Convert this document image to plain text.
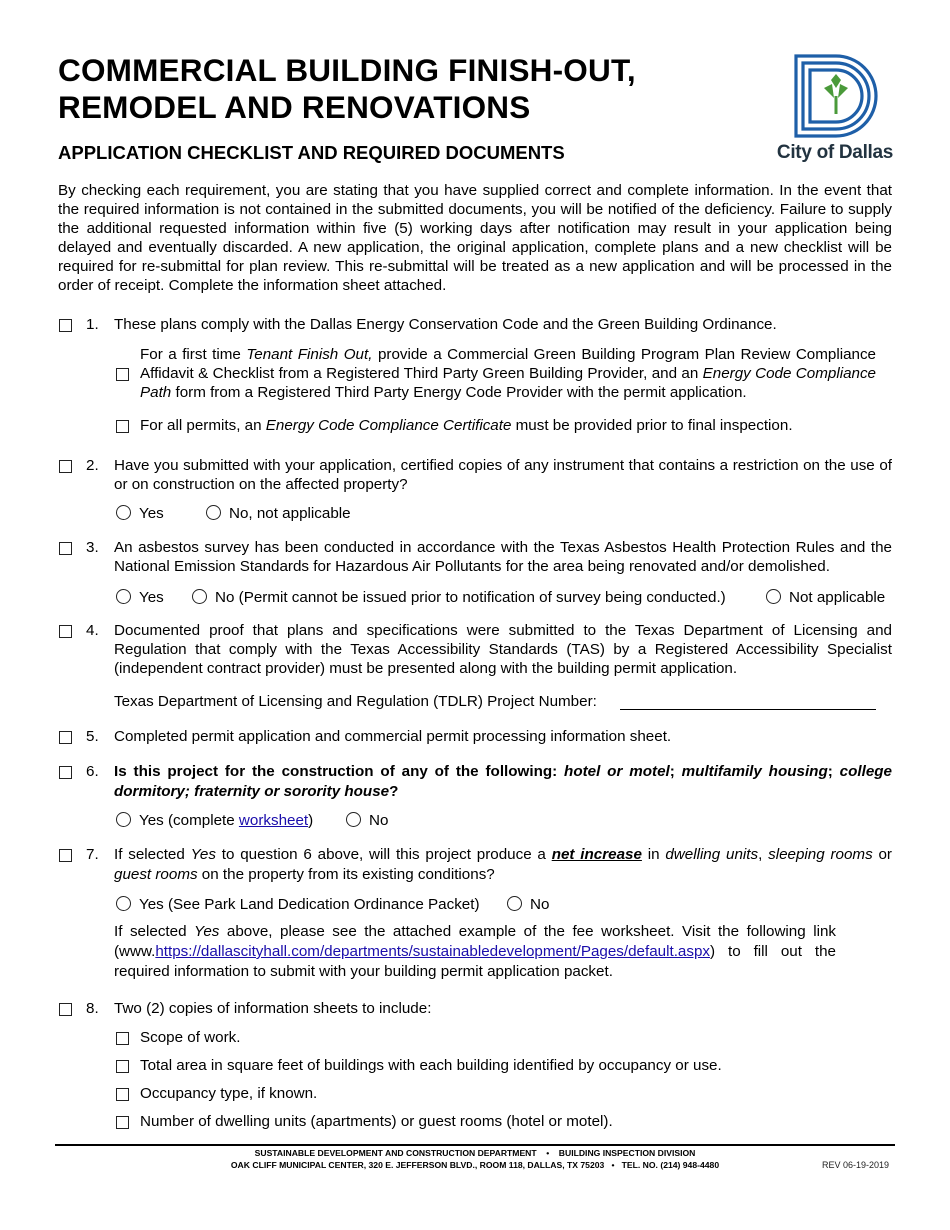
COMMERCIAL BUILDING FINISH-OUT,
REMODEL AND RENOVATIONS
APPLICATION CHECKLIST AND REQUIRED DOCUMENTS	City of Dallas

By checking each requirement, you are stating that you have supplied correct and complete information. In the event that the required information is not contained in the submitted documents, you will be notified of the deficiency. Failure to supply the additional requested information within five (5) working days after notification may result in your application being delayed and eventually discarded. A new application, the original application, complete plans and a new checklist will be required for re-submittal for plan review. This re-submittal will be treated as a new application and will be processed in the order of receipt. Complete the information sheet attached.

1. These plans comply with the Dallas Energy Conservation Code and the Green Building Ordinance.
For a first time Tenant Finish Out, provide a Commercial Green Building Program Plan Review Compliance Affidavit & Checklist from a Registered Third Party Green Building Provider, and an Energy Code Compliance Path form from a Registered Third Party Energy Code Provider with the permit application.
For all permits, an Energy Code Compliance Certificate must be provided prior to final inspection.
2. Have you submitted with your application, certified copies of any instrument that contains a restriction on the use of or on construction on the affected property?
Yes	No, not applicable
3. An asbestos survey has been conducted in accordance with the Texas Asbestos Health Protection Rules and the National Emission Standards for Hazardous Air Pollutants for the area being renovated and/or demolished.
Yes	No (Permit cannot be issued prior to notification of survey being conducted.)	Not applicable
4. Documented proof that plans and specifications were submitted to the Texas Department of Licensing and Regulation that comply with the Texas Accessibility Standards (TAS) by a Registered Accessibility Specialist (independent contract provider) must be presented along with the building permit application.
Texas Department of Licensing and Regulation (TDLR) Project Number:
5. Completed permit application and commercial permit processing information sheet.
6. Is this project for the construction of any of the following: hotel or motel; multifamily housing; college dormitory; fraternity or sorority house?
Yes (complete worksheet)	No
7. If selected Yes to question 6 above, will this project produce a net increase in dwelling units, sleeping rooms or guest rooms on the property from its existing conditions?
Yes (See Park Land Dedication Ordinance Packet)	No
If selected Yes above, please see the attached example of the fee worksheet. Visit the following link (www.https://dallascityhall.com/departments/sustainabledevelopment/Pages/default.aspx) to fill out the required information to submit with your building permit application packet.
8. Two (2) copies of information sheets to include:
Scope of work.
Total area in square feet of buildings with each building identified by occupancy or use.
Occupancy type, if known.
Number of dwelling units (apartments) or guest rooms (hotel or motel).
SUSTAINABLE DEVELOPMENT AND CONSTRUCTION DEPARTMENT • BUILDING INSPECTION DIVISION
OAK CLIFF MUNICIPAL CENTER, 320 E. JEFFERSON BLVD., ROOM 118, DALLAS, TX 75203 • TEL. NO. (214) 948-4480	REV 06-19-2019
